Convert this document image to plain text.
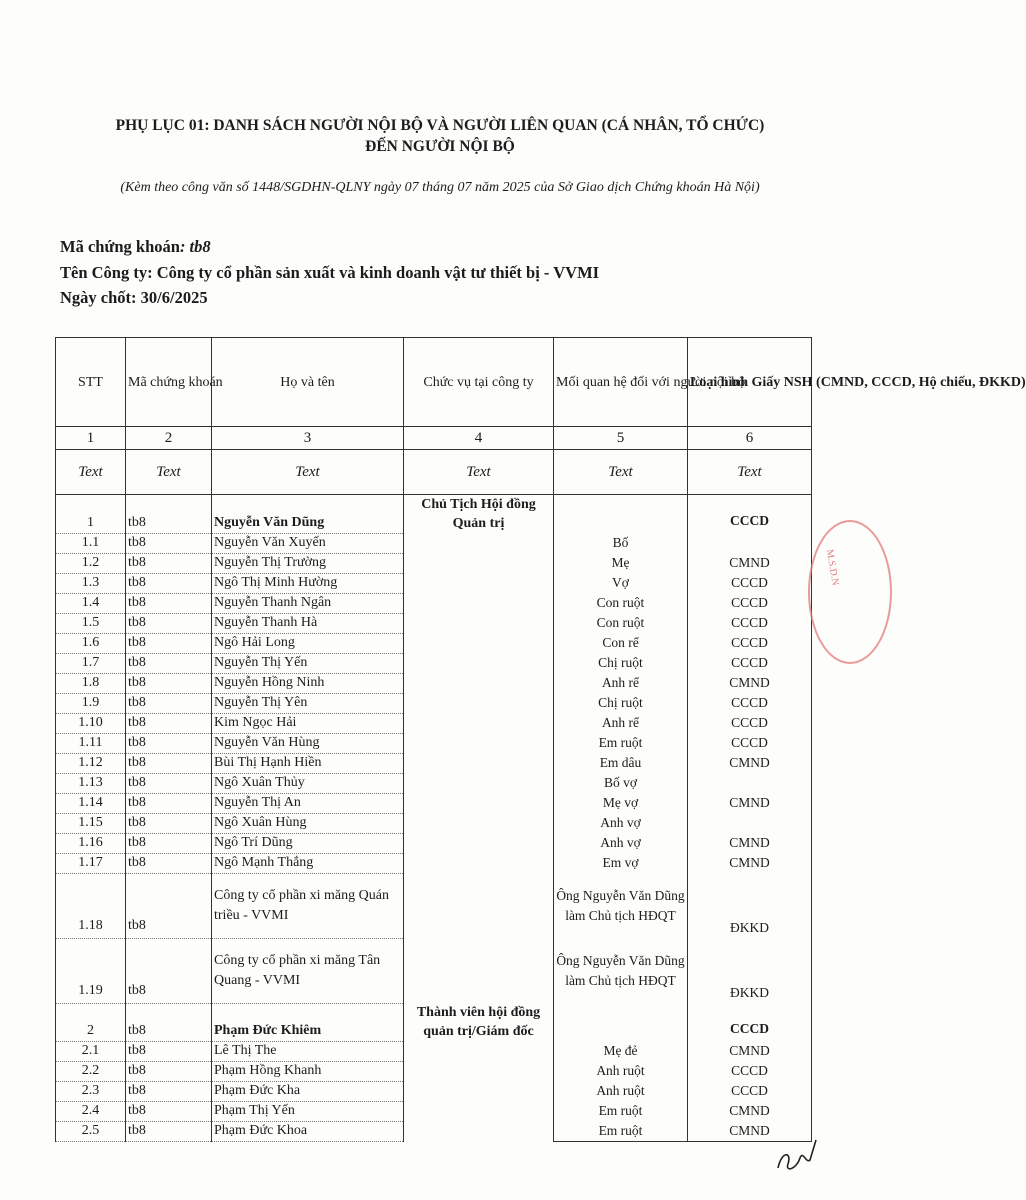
PHỤ LỤC 01: DANH SÁCH NGƯỜI NỘI BỘ VÀ NGƯỜI LIÊN QUAN (CÁ NHÂN, TỔ CHỨC) ĐẾN NGƯỜI NỘI BỘ
(Kèm theo công văn số 1448/SGDHN-QLNY ngày 07 tháng 07 năm 2025 của Sở Giao dịch Chứng khoán Hà Nội)
Mã chứng khoán: tb8
Tên Công ty: Công ty cổ phần sản xuất và kinh doanh vật tư thiết bị - VVMI
Ngày chốt: 30/6/2025
STT	Mã chứng khoán	Họ và tên	Chức vụ tại công ty	Mối quan hệ đối với người nội bộ	Loại hình Giấy NSH (CMND, CCCD, Hộ chiếu, ĐKKD)
1	2	3	4	5	6
Text	Text	Text	Text	Text	Text
1	tb8	Nguyễn Văn Dũng	Chủ Tịch Hội đồng Quản trị		CCCD
1.1	tb8	Nguyễn Văn Xuyến		Bố	
1.2	tb8	Nguyễn Thị Trường		Mẹ	CMND
1.3	tb8	Ngô Thị Minh Hường		Vợ	CCCD
1.4	tb8	Nguyễn Thanh Ngân		Con ruột	CCCD
1.5	tb8	Nguyễn Thanh Hà		Con ruột	CCCD
1.6	tb8	Ngô Hải Long		Con rể	CCCD
1.7	tb8	Nguyễn Thị Yến		Chị ruột	CCCD
1.8	tb8	Nguyễn Hồng Ninh		Anh rể	CMND
1.9	tb8	Nguyễn Thị Yên		Chị ruột	CCCD
1.10	tb8	Kim Ngọc Hải		Anh rể	CCCD
1.11	tb8	Nguyễn Văn Hùng		Em ruột	CCCD
1.12	tb8	Bùi Thị Hạnh Hiền		Em dâu	CMND
1.13	tb8	Ngô Xuân Thủy		Bố vợ	
1.14	tb8	Nguyễn Thị An		Mẹ vợ	CMND
1.15	tb8	Ngô Xuân Hùng		Anh vợ	
1.16	tb8	Ngô Trí Dũng		Anh vợ	CMND
1.17	tb8	Ngô Mạnh Thắng		Em vợ	CMND
1.18	tb8	Công ty cổ phần xi măng Quán triều - VVMI		Ông Nguyễn Văn Dũng làm Chủ tịch HĐQT	ĐKKD
1.19	tb8	Công ty cổ phần xi măng Tân Quang - VVMI		Ông Nguyễn Văn Dũng làm Chủ tịch HĐQT	ĐKKD
2	tb8	Phạm Đức Khiêm	Thành viên hội đồng quản trị/Giám đốc		CCCD
2.1	tb8	Lê Thị The		Mẹ đẻ	CMND
2.2	tb8	Phạm Hồng Khanh		Anh ruột	CCCD
2.3	tb8	Phạm Đức Kha		Anh ruột	CCCD
2.4	tb8	Phạm Thị Yến		Em ruột	CMND
2.5	tb8	Phạm Đức Khoa		Em ruột	CMND
M.S.D.N
